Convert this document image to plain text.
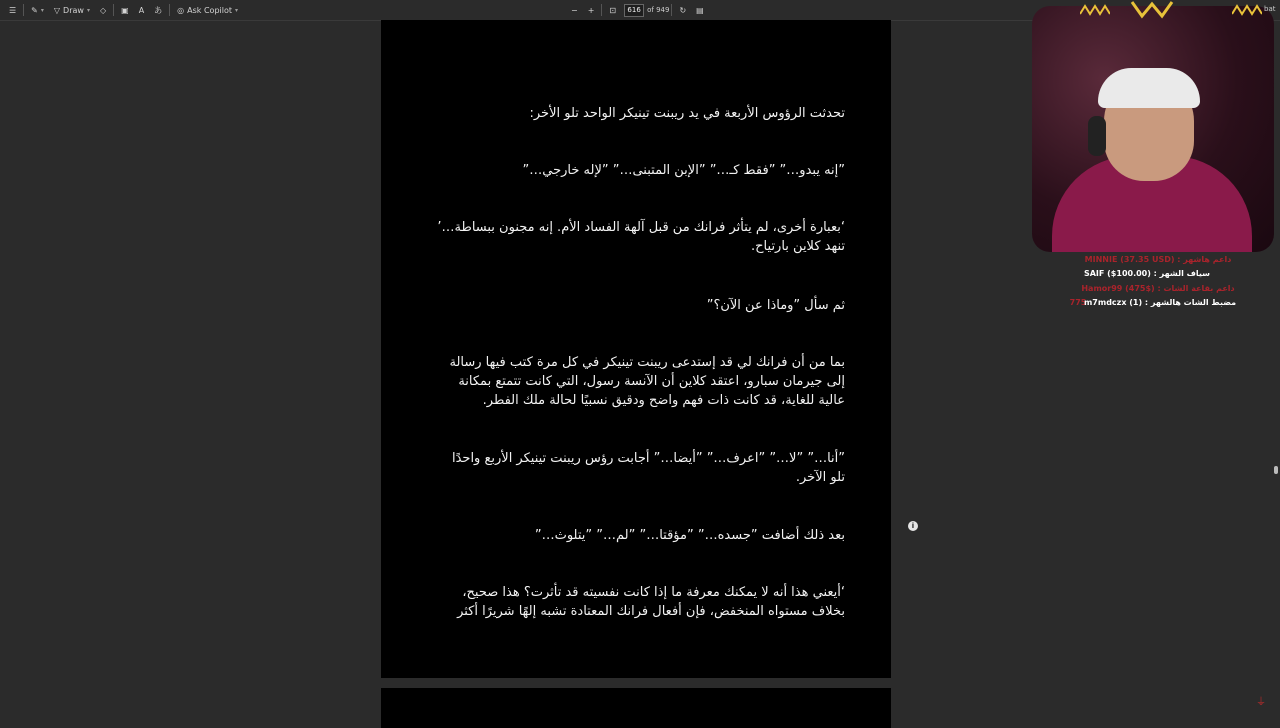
☰ ✎ ▾ ▽ Draw ▾ ◇ ▣ A あ ◎ Ask Copilot ▾	− + ⊡	616 of 949 ↻ ▤
تحدثت الرؤوس الأربعة في يد ريبنت تينيكر الواحد تلو الأخر:
”إنه يبدو…” ”فقط كـ…” ”الإبن المتبنى…” ”لإله خارجي…”
‘بعبارة أخرى، لم يتأثر فرانك من قبل آلهة الفساد الأم. إنه مجنون ببساطة…’ تنهد كلاين بارتياح.
ثم سأل ”وماذا عن الآن؟”
بما من أن فرانك لي قد إستدعى ريبنت تينيكر في كل مرة كتب فيها رسالة إلى جيرمان سبارو، اعتقد كلاين أن الآنسة رسول، التي كانت تتمتع بمكانة عالية للغاية، قد كانت ذات فهم واضح ودقيق نسبيًا لحالة ملك الفطر.
”أنا…” ”لا…” ”اعرف…” ”أيضا…” أجابت رؤس ريبنت تينيكر الأربع واحدًا تلو الآخر.
بعد ذلك أضافت ”جسده…” ”مؤقتا…” ”لم…” ”يتلوث…”
‘أيعني هذا أنه لا يمكنك معرفة ما إذا كانت نفسيته قد تأثرت؟ هذا صحيح، بخلاف مستواه المنخفض، فإن أفعال فرانك المعتادة تشبه إلهًا شريرًا أكثر
i
⏚
bat
MINNIE (37.35 USD) : داعم هاشهر
SAIF ($100.00) : سياف الشهر
Hamor99 (475$) : داعم بقاعة الشات
775
m7mdczx (1) : مضبط الشات هالشهر
